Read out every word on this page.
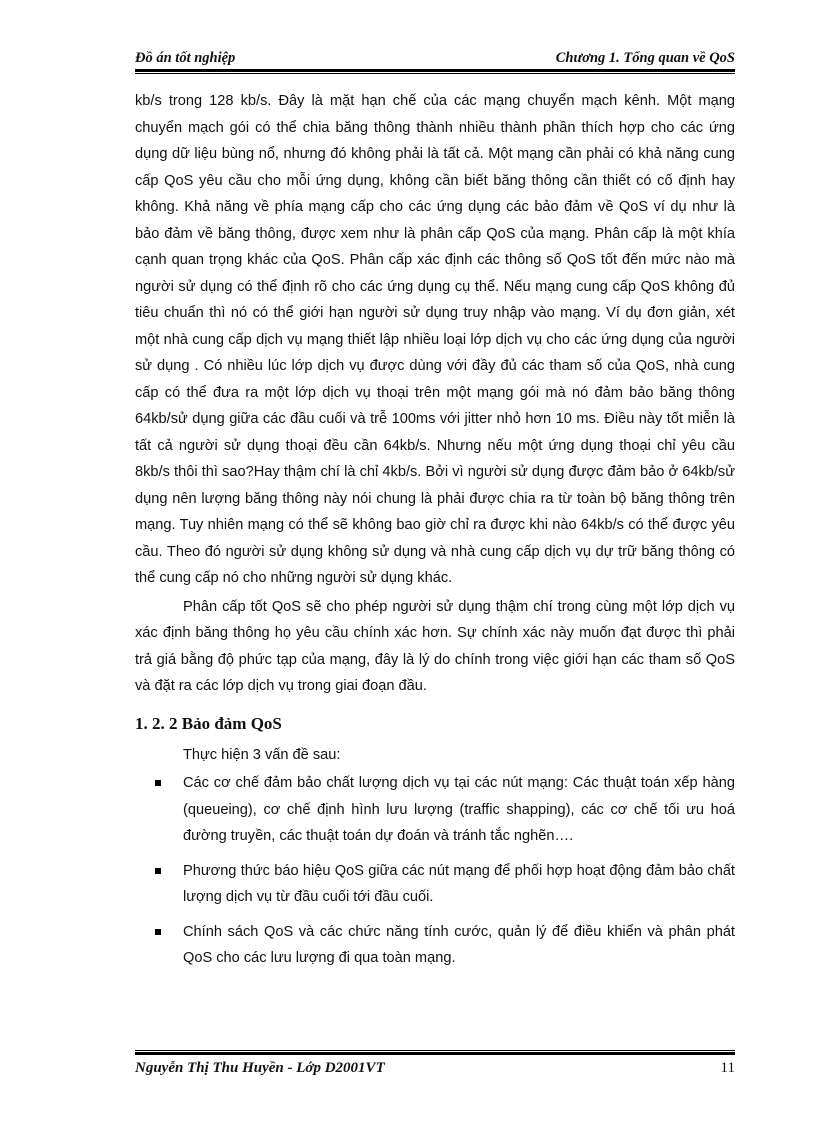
Đồ án tốt nghiệp	Chương 1. Tổng quan về QoS

kb/s trong 128 kb/s. Đây là mặt hạn chế của các mạng chuyển mạch kênh. Một mạng chuyển mạch gói có thể chia băng thông thành nhiều thành phần thích hợp cho các ứng dụng dữ liệu bùng nổ, nhưng đó không phải là tất cả. Một mạng cần phải có khả năng cung cấp QoS yêu cầu cho mỗi ứng dụng, không cần biết băng thông cần thiết có cố định hay không. Khả năng về phía mạng cấp cho các ứng dụng các bảo đảm về QoS ví dụ như là bảo đảm về băng thông, được xem như là phân cấp QoS của mạng. Phân cấp là một khía cạnh quan trọng khác của QoS. Phân cấp xác định các thông số QoS tốt đến mức nào mà người sử dụng có thể định rõ cho các ứng dụng cụ thể. Nếu mạng cung cấp QoS không đủ tiêu chuẩn thì nó có thể giới hạn người sử dụng truy nhập vào mạng. Ví dụ đơn giản, xét một nhà cung cấp dịch vụ mạng thiết lập nhiều loại lớp dịch vụ cho các ứng dụng của người sử dụng . Có nhiều lúc lớp dịch vụ được dùng với đầy đủ các tham số của QoS, nhà cung cấp có thể đưa ra một lớp dịch vụ thoại trên một mạng gói mà nó đảm bảo băng thông 64kb/sử dụng giữa các đầu cuối và trễ 100ms với jitter nhỏ hơn 10 ms. Điều này tốt miễn là tất cả người sử dụng thoại đều cần 64kb/s. Nhưng nếu một ứng dụng thoại chỉ yêu cầu 8kb/s thôi thì sao?Hay thậm chí là chỉ 4kb/s. Bởi vì người sử dụng được đảm bảo ở 64kb/sử dụng nên lượng băng thông này nói chung là phải được chia ra từ toàn bộ băng thông trên mạng. Tuy nhiên mạng có thể sẽ không bao giờ chỉ ra được khi nào 64kb/s có thể được yêu cầu. Theo đó người sử dụng không sử dụng và nhà cung cấp dịch vụ dự trữ băng thông có thể cung cấp nó cho những người sử dụng khác.

Phân cấp tốt QoS sẽ cho phép người sử dụng thậm chí trong cùng một lớp dịch vụ xác định băng thông họ yêu cầu chính xác hơn. Sự chính xác này muốn đạt được thì phải trả giá bằng độ phức tạp của mạng, đây là lý do chính trong việc giới hạn các tham số QoS và đặt ra các lớp dịch vụ trong giai đoạn đầu.

1. 2. 2 Bảo đảm QoS

Thực hiện 3 vấn đề sau:

Các cơ chế đảm bảo chất lượng dịch vụ tại các nút mạng: Các thuật toán xếp hàng (queueing), cơ chế định hình lưu lượng (traffic shapping), các cơ chế tối ưu hoá đường truyền, các thuật toán dự đoán và tránh tắc nghẽn….
Phương thức báo hiệu QoS giữa các nút mạng để phối hợp hoạt động đảm bảo chất lượng dịch vụ từ đầu cuối tới đầu cuối.
Chính sách QoS và các chức năng tính cước, quản lý để điều khiển và phân phát QoS cho các lưu lượng đi qua toàn mạng.
Nguyễn Thị Thu Huyền - Lớp D2001VT	11
